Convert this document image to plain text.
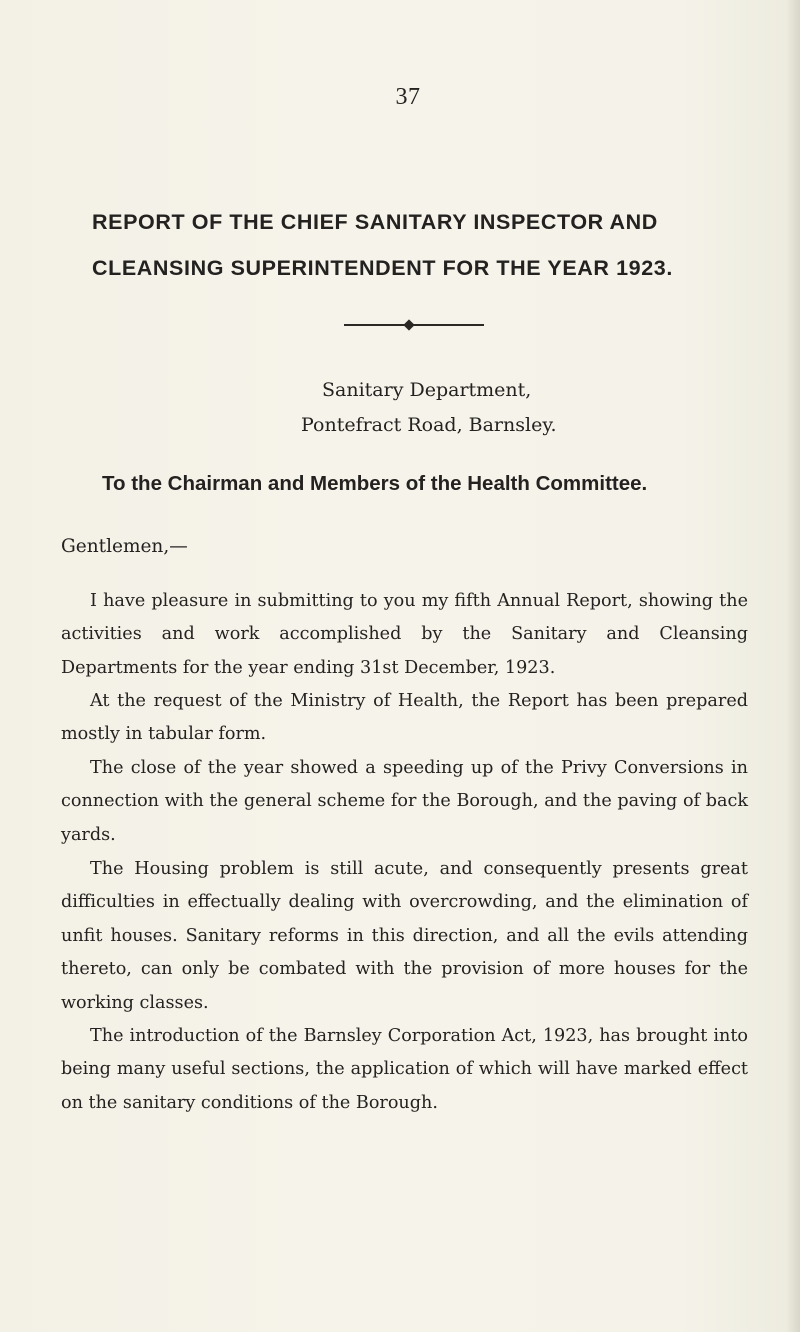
37
REPORT OF THE CHIEF SANITARY INSPECTOR AND
CLEANSING SUPERINTENDENT FOR THE YEAR 1923.
Sanitary Department,
Pontefract Road, Barnsley.
To the Chairman and Members of the Health Committee.
Gentlemen,—

I have pleasure in submitting to you my fifth Annual Report, showing the activities and work accomplished by the Sanitary and Cleansing Departments for the year ending 31st December, 1923.

At the request of the Ministry of Health, the Report has been prepared mostly in tabular form.

The close of the year showed a speeding up of the Privy Conversions in connection with the general scheme for the Borough, and the paving of back yards.

The Housing problem is still acute, and consequently presents great difficulties in effectually dealing with overcrowding, and the elimination of unfit houses. Sanitary reforms in this direction, and all the evils attending thereto, can only be combated with the provision of more houses for the working classes.

The introduction of the Barnsley Corporation Act, 1923, has brought into being many useful sections, the application of which will have marked effect on the sanitary conditions of the Borough.
